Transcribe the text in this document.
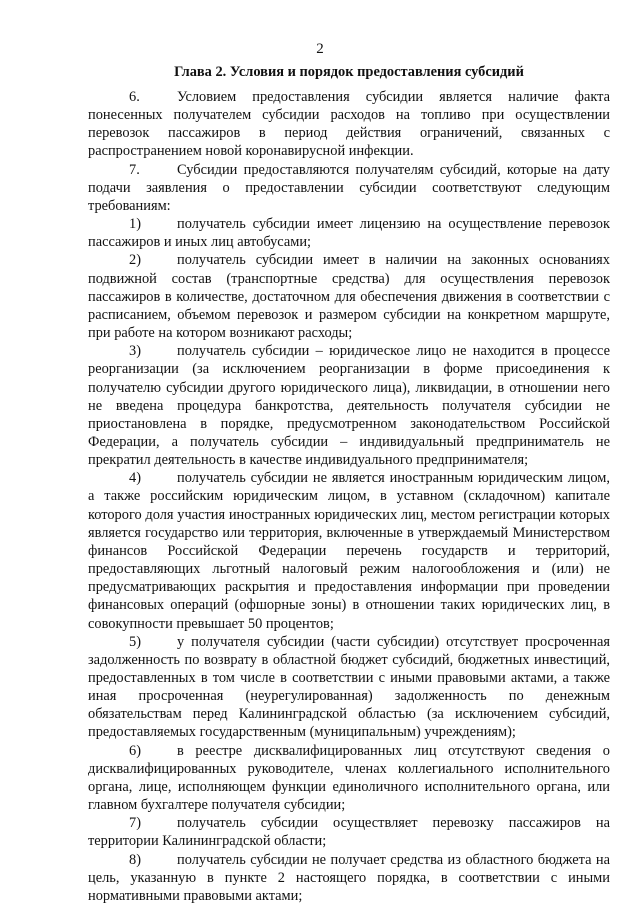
2
Глава 2. Условия и порядок предоставления субсидий

6.	Условием предоставления субсидии является наличие факта понесенных получателем субсидии расходов на топливо при осуществлении перевозок пассажиров в период действия ограничений, связанных с распространением новой коронавирусной инфекции.

7.	Субсидии предоставляются получателям субсидий, которые на дату подачи заявления о предоставлении субсидии соответствуют следующим требованиям:

1)	получатель субсидии имеет лицензию на осуществление перевозок пассажиров и иных лиц автобусами;

2)	получатель субсидии имеет в наличии на законных основаниях подвижной состав (транспортные средства) для осуществления перевозок пассажиров в количестве, достаточном для обеспечения движения в соответствии с расписанием, объемом перевозок и размером субсидии на конкретном маршруте, при работе на котором возникают расходы;

3)	получатель субсидии – юридическое лицо не находится в процессе реорганизации (за исключением реорганизации в форме присоединения к получателю субсидии другого юридического лица), ликвидации, в отношении него не введена процедура банкротства, деятельность получателя субсидии не приостановлена в порядке, предусмотренном законодательством Российской Федерации, а получатель субсидии – индивидуальный предприниматель не прекратил деятельность в качестве индивидуального предпринимателя;

4)	получатель субсидии не является иностранным юридическим лицом, а также российским юридическим лицом, в уставном (складочном) капитале которого доля участия иностранных юридических лиц, местом регистрации которых является государство или территория, включенные в утверждаемый Министерством финансов Российской Федерации перечень государств и территорий, предоставляющих льготный налоговый режим налогообложения и (или) не предусматривающих раскрытия и предоставления информации при проведении финансовых операций (офшорные зоны) в отношении таких юридических лиц, в совокупности превышает 50 процентов;

5)	у получателя субсидии (части субсидии) отсутствует просроченная задолженность по возврату в областной бюджет субсидий, бюджетных инвестиций, предоставленных в том числе в соответствии с иными правовыми актами, а также иная просроченная (неурегулированная) задолженность по денежным обязательствам перед Калининградской областью (за исключением субсидий, предоставляемых государственным (муниципальным) учреждениям);

6)	в реестре дисквалифицированных лиц отсутствуют сведения о дисквалифицированных руководителе, членах коллегиального исполнительного органа, лице, исполняющем функции единоличного исполнительного органа, или главном бухгалтере получателя субсидии;

7)	получатель субсидии осуществляет перевозку пассажиров на территории Калининградской области;

8)	получатель субсидии не получает средства из областного бюджета на цель, указанную в пункте 2 настоящего порядка, в соответствии с иными нормативными правовыми актами;
